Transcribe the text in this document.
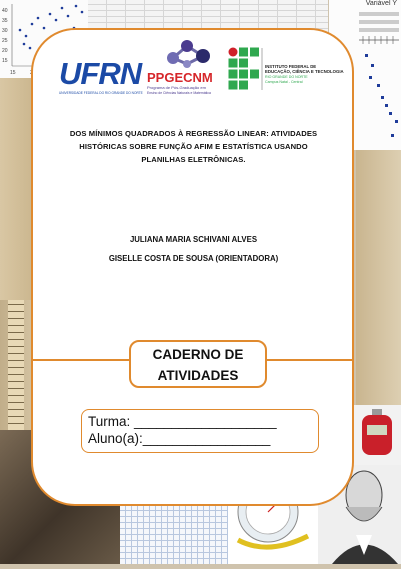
40
35
30
25
20
15
15
Variável Y
UFRN
UNIVERSIDADE FEDERAL DO RIO GRANDE DO NORTE
PPGECNM
Programa de Pós-Graduação em
Ensino de Ciências Naturais e Matemática
INSTITUTO FEDERAL DE
EDUCAÇÃO, CIÊNCIA E TECNOLOGIA
RIO GRANDE DO NORTE
Campus Natal - Central
DOS MÍNIMOS QUADRADOS À REGRESSÃO LINEAR: ATIVIDADES HISTÓRICAS SOBRE FUNÇÃO AFIM E ESTATÍSTICA USANDO PLANILHAS ELETRÔNICAS.
JULIANA MARIA SCHIVANI ALVES
GISELLE COSTA DE SOUSA (ORIENTADORA)
CADERNO DE
ATIVIDADES
Turma: ___________________
Aluno(a):_________________
